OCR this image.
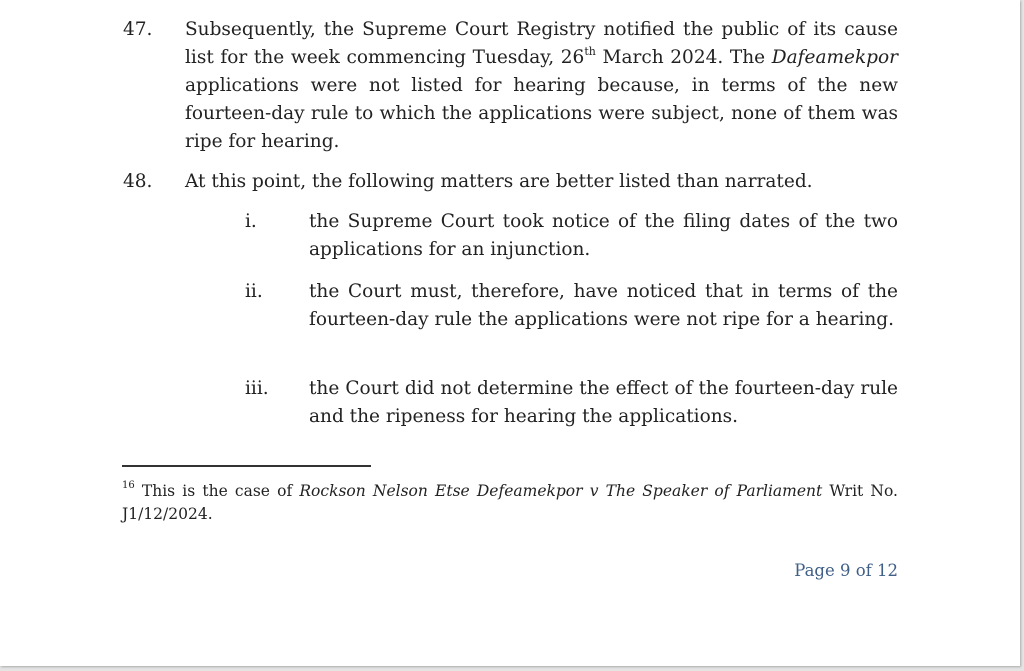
47. Subsequently, the Supreme Court Registry notified the public of its cause list for the week commencing Tuesday, 26th March 2024. The Dafeamekpor applications were not listed for hearing because, in terms of the new fourteen-day rule to which the applications were subject, none of them was ripe for hearing.
48. At this point, the following matters are better listed than narrated.
i.	the Supreme Court took notice of the filing dates of the two applications for an injunction.
ii.	the Court must, therefore, have noticed that in terms of the fourteen-day rule the applications were not ripe for a hearing.
iii. the Court did not determine the effect of the fourteen-day rule and the ripeness for hearing the applications.
$^{16}$ This is the case of Rockson Nelson Etse Defeamekpor v The Speaker of Parliament Writ No. J1/12/2024.
Page 9 of 12
